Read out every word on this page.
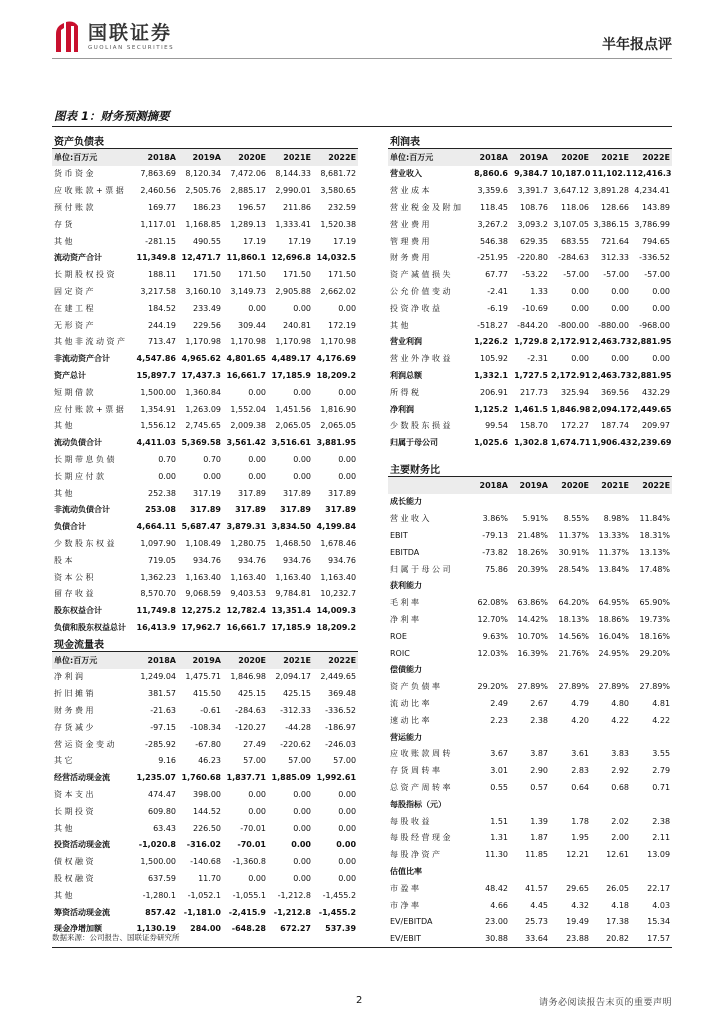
国联证券
GUOLIAN SECURITIES	半年报点评
图表 1：财务预测摘要
资产负债表					
单位:百万元	2018A	2019A	2020E	2021E	2022E
货币资金	7,863.69	8,120.34	7,472.06	8,144.33	8,681.72
应收账款+票据	2,460.56	2,505.76	2,885.17	2,990.01	3,580.65
预付账款	169.77	186.23	196.57	211.86	232.59
存货	1,117.01	1,168.85	1,289.13	1,333.41	1,520.38
其他	-281.15	490.55	17.19	17.19	17.19
流动资产合计	11,349.8	12,471.7	11,860.1	12,696.8	14,032.5
长期股权投资	188.11	171.50	171.50	171.50	171.50
固定资产	3,217.58	3,160.10	3,149.73	2,905.88	2,662.02
在建工程	184.52	233.49	0.00	0.00	0.00
无形资产	244.19	229.56	309.44	240.81	172.19
其他非流动资产	713.47	1,170.98	1,170.98	1,170.98	1,170.98
非流动资产合计	4,547.86	4,965.62	4,801.65	4,489.17	4,176.69
资产总计	15,897.7	17,437.3	16,661.7	17,185.9	18,209.2
短期借款	1,500.00	1,360.84	0.00	0.00	0.00
应付账款+票据	1,354.91	1,263.09	1,552.04	1,451.56	1,816.90
其他	1,556.12	2,745.65	2,009.38	2,065.05	2,065.05
流动负债合计	4,411.03	5,369.58	3,561.42	3,516.61	3,881.95
长期带息负债	0.70	0.70	0.00	0.00	0.00
长期应付款	0.00	0.00	0.00	0.00	0.00
其他	252.38	317.19	317.89	317.89	317.89
非流动负债合计	253.08	317.89	317.89	317.89	317.89
负债合计	4,664.11	5,687.47	3,879.31	3,834.50	4,199.84
少数股东权益	1,097.90	1,108.49	1,280.75	1,468.50	1,678.46
股本	719.05	934.76	934.76	934.76	934.76
资本公积	1,362.23	1,163.40	1,163.40	1,163.40	1,163.40
留存收益	8,570.70	9,068.59	9,403.53	9,784.81	10,232.7
股东权益合计	11,749.8	12,275.2	12,782.4	13,351.4	14,009.3
负债和股东权益总计	16,413.9	17,962.7	16,661.7	17,185.9	18,209.2
现金流量表					
单位:百万元	2018A	2019A	2020E	2021E	2022E
净利润	1,249.04	1,475.71	1,846.98	2,094.17	2,449.65
折旧摊销	381.57	415.50	425.15	425.15	369.48
财务费用	-21.63	-0.61	-284.63	-312.33	-336.52
存货减少	-97.15	-108.34	-120.27	-44.28	-186.97
营运资金变动	-285.92	-67.80	27.49	-220.62	-246.03
其它	9.16	46.23	57.00	57.00	57.00
经营活动现金流	1,235.07	1,760.68	1,837.71	1,885.09	1,992.61
资本支出	474.47	398.00	0.00	0.00	0.00
长期投资	609.80	144.52	0.00	0.00	0.00
其他	63.43	226.50	-70.01	0.00	0.00
投资活动现金流	-1,020.8	-316.02	-70.01	0.00	0.00
债权融资	1,500.00	-140.68	-1,360.8	0.00	0.00
股权融资	637.59	11.70	0.00	0.00	0.00
其他	-1,280.1	-1,052.1	-1,055.1	-1,212.8	-1,455.2
筹资活动现金流	857.42	-1,181.0	-2,415.9	-1,212.8	-1,455.2
现金净增加额	1,130.19	284.00	-648.28	672.27	537.39
利润表					
单位:百万元	2018A	2019A	2020E	2021E	2022E
营业收入	8,860.6	9,384.7	10,187.0	11,102.1	12,416.3
营业成本	3,359.6	3,391.7	3,647.12	3,891.28	4,234.41
营业税金及附加	118.45	108.76	118.06	128.66	143.89
营业费用	3,267.2	3,093.2	3,107.05	3,386.15	3,786.99
管理费用	546.38	629.35	683.55	721.64	794.65
财务费用	-251.95	-220.80	-284.63	312.33	-336.52
资产减值损失	67.77	-53.22	-57.00	-57.00	-57.00
公允价值变动	-2.41	1.33	0.00	0.00	0.00
投资净收益	-6.19	-10.69	0.00	0.00	0.00
其他	-518.27	-844.20	-800.00	-880.00	-968.00
营业利润	1,226.2	1,729.8	2,172.91	2,463.73	2,881.95
营业外净收益	105.92	-2.31	0.00	0.00	0.00
利润总额	1,332.1	1,727.5	2,172.91	2,463.73	2,881.95
所得税	206.91	217.73	325.94	369.56	432.29
净利润	1,125.2	1,461.5	1,846.98	2,094.17	2,449.65
少数股东损益	99.54	158.70	172.27	187.74	209.97
归属于母公司	1,025.6	1,302.8	1,674.71	1,906.43	2,239.69
主要财务比					
	2018A	2019A	2020E	2021E	2022E
成长能力					
营业收入	3.86%	5.91%	8.55%	8.98%	11.84%
EBIT	-79.13	21.48%	11.37%	13.33%	18.31%
EBITDA	-73.82	18.26%	30.91%	11.37%	13.13%
归属于母公司	75.86	20.39%	28.54%	13.84%	17.48%
获利能力					
毛利率	62.08%	63.86%	64.20%	64.95%	65.90%
净利率	12.70%	14.42%	18.13%	18.86%	19.73%
ROE	9.63%	10.70%	14.56%	16.04%	18.16%
ROIC	12.03%	16.39%	21.76%	24.95%	29.20%
偿债能力					
资产负债率	29.20%	27.89%	27.89%	27.89%	27.89%
流动比率	2.49	2.67	4.79	4.80	4.81
速动比率	2.23	2.38	4.20	4.22	4.22
营运能力					
应收账款周转	3.67	3.87	3.61	3.83	3.55
存货周转率	3.01	2.90	2.83	2.92	2.79
总资产周转率	0.55	0.57	0.64	0.68	0.71
每股指标（元）					
每股收益	1.51	1.39	1.78	2.02	2.38
每股经营现金	1.31	1.87	1.95	2.00	2.11
每股净资产	11.30	11.85	12.21	12.61	13.09
估值比率					
市盈率	48.42	41.57	29.65	26.05	22.17
市净率	4.66	4.45	4.32	4.18	4.03
EV/EBITDA	23.00	25.73	19.49	17.38	15.34
EV/EBIT	30.88	33.64	23.88	20.82	17.57
数据来源：公司报告、国联证券研究所
2	请务必阅读报告末页的重要声明
